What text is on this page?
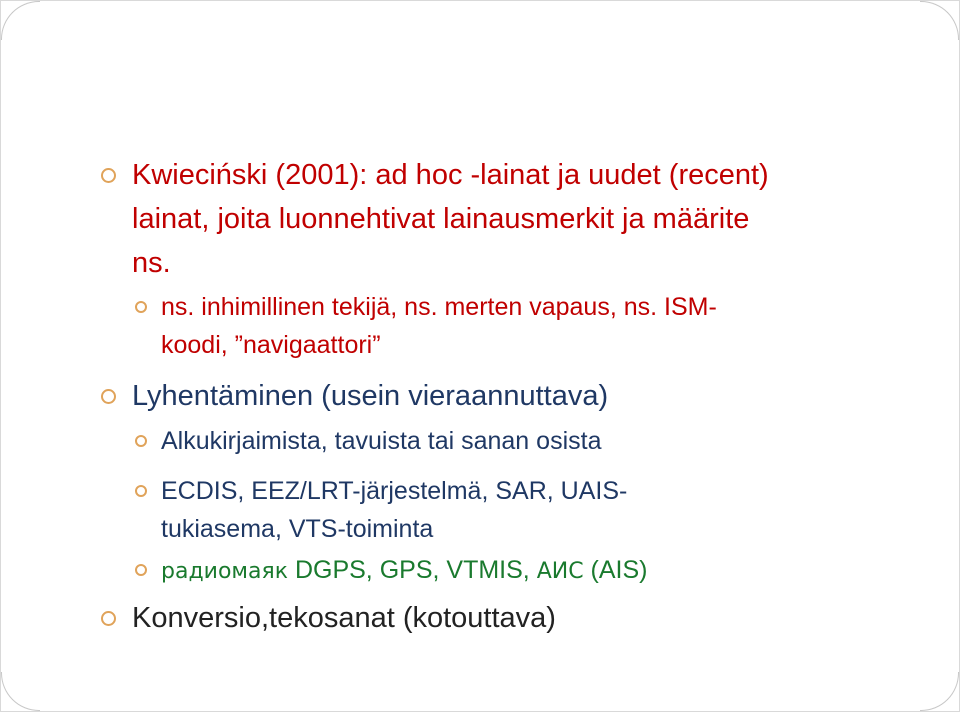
Kwieciński (2001): ad hoc -lainat ja uudet (recent)
lainat, joita luonnehtivat lainausmerkit ja määrite
ns.
ns. inhimillinen tekijä, ns. merten vapaus, ns. ISM-
koodi, ”navigaattori”
Lyhentäminen (usein vieraannuttava)
Alkukirjaimista, tavuista tai sanan osista
ECDIS, EEZ/LRT-järjestelmä, SAR, UAIS-
tukiasema, VTS-toiminta
радиомаяк DGPS, GPS, VTMIS, АИС (AIS)
Konversio,tekosanat (kotouttava)
